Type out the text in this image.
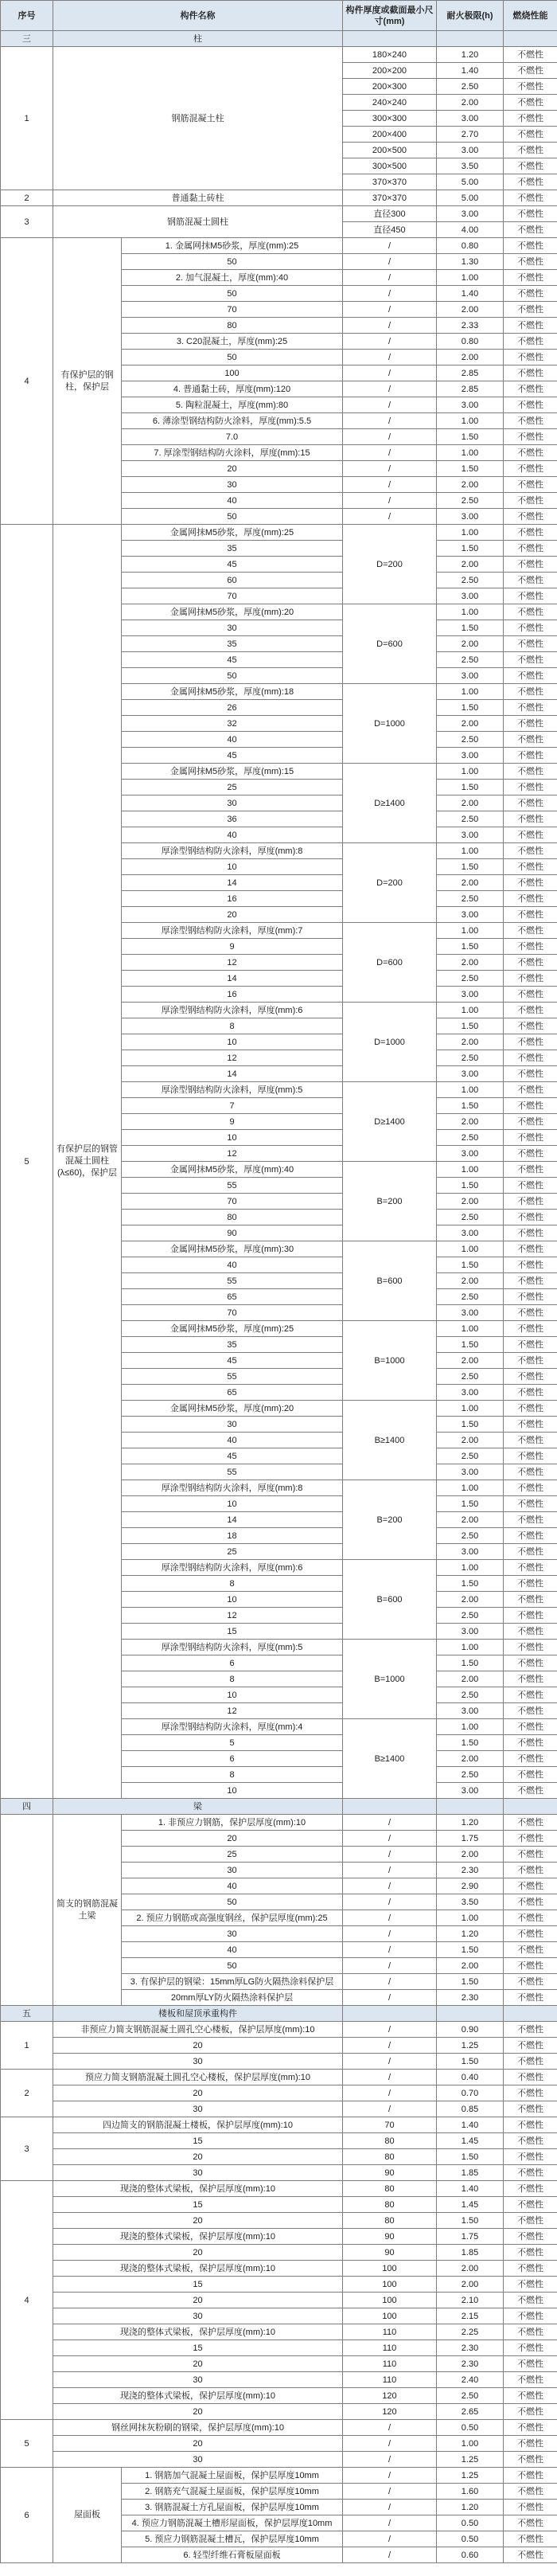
序号	构件名称		构件厚度或截面最小尺寸(mm)	耐火极限(h)	燃烧性能
三	柱				
1	钢筋混凝土柱		180×240	1.20	不燃性
			200×200	1.40	不燃性
			200×300	2.50	不燃性
			240×240	2.00	不燃性
			300×300	3.00	不燃性
			200×400	2.70	不燃性
			200×500	3.00	不燃性
			300×500	3.50	不燃性
			370×370	5.00	不燃性
2	普通黏土砖柱		370×370	5.00	不燃性
3	钢筋混凝土圆柱		直径300	3.00	不燃性
			直径450	4.00	不燃性
4	有保护层的钢柱，保护层	1. 金属网抹M5砂浆，厚度(mm):25	/	0.80	不燃性
		50	/	1.30	不燃性
		2. 加气混凝土，厚度(mm):40	/	1.00	不燃性
		50	/	1.40	不燃性
		70	/	2.00	不燃性
		80	/	2.33	不燃性
		3. C20混凝土，厚度(mm):25	/	0.80	不燃性
		50	/	2.00	不燃性
		100	/	2.85	不燃性
		4. 普通黏土砖，厚度(mm):120	/	2.85	不燃性
		5. 陶粒混凝土，厚度(mm):80	/	3.00	不燃性
		6. 薄涂型钢结构防火涂料，厚度(mm):5.5	/	1.00	不燃性
		7.0	/	1.50	不燃性
		7. 厚涂型钢结构防火涂料，厚度(mm):15	/	1.00	不燃性
		20	/	1.50	不燃性
		30	/	2.00	不燃性
		40	/	2.50	不燃性
		50	/	3.00	不燃性
5	有保护层的钢管混凝土圆柱(λ≤60)，保护层	金属网抹M5砂浆，厚度(mm):25	D=200	1.00	不燃性
		35		1.50	不燃性
		45		2.00	不燃性
		60		2.50	不燃性
		70		3.00	不燃性
		金属网抹M5砂浆，厚度(mm):20	D=600	1.00	不燃性
		30		1.50	不燃性
		35		2.00	不燃性
		45		2.50	不燃性
		50		3.00	不燃性
		金属网抹M5砂浆，厚度(mm):18	D=1000	1.00	不燃性
		26		1.50	不燃性
		32		2.00	不燃性
		40		2.50	不燃性
		45		3.00	不燃性
		金属网抹M5砂浆，厚度(mm):15	D≥1400	1.00	不燃性
		25		1.50	不燃性
		30		2.00	不燃性
		36		2.50	不燃性
		40		3.00	不燃性
		厚涂型钢结构防火涂料，厚度(mm):8	D=200	1.00	不燃性
		10		1.50	不燃性
		14		2.00	不燃性
		16		2.50	不燃性
		20		3.00	不燃性
		厚涂型钢结构防火涂料，厚度(mm):7	D=600	1.00	不燃性
		9		1.50	不燃性
		12		2.00	不燃性
		14		2.50	不燃性
		16		3.00	不燃性
		厚涂型钢结构防火涂料，厚度(mm):6	D=1000	1.00	不燃性
		8		1.50	不燃性
		10		2.00	不燃性
		12		2.50	不燃性
		14		3.00	不燃性
		厚涂型钢结构防火涂料，厚度(mm):5	D≥1400	1.00	不燃性
		7		1.50	不燃性
		9		2.00	不燃性
		10		2.50	不燃性
		12		3.00	不燃性
		金属网抹M5砂浆，厚度(mm):40	B=200	1.00	不燃性
		55		1.50	不燃性
		70		2.00	不燃性
		80		2.50	不燃性
		90		3.00	不燃性
		金属网抹M5砂浆，厚度(mm):30	B=600	1.00	不燃性
		40		1.50	不燃性
		55		2.00	不燃性
		65		2.50	不燃性
		70		3.00	不燃性
		金属网抹M5砂浆，厚度(mm):25	B=1000	1.00	不燃性
		35		1.50	不燃性
		45		2.00	不燃性
		55		2.50	不燃性
		65		3.00	不燃性
		金属网抹M5砂浆，厚度(mm):20	B≥1400	1.00	不燃性
		30		1.50	不燃性
		40		2.00	不燃性
		45		2.50	不燃性
		55		3.00	不燃性
		厚涂型钢结构防火涂料，厚度(mm):8	B=200	1.00	不燃性
		10		1.50	不燃性
		14		2.00	不燃性
		18		2.50	不燃性
		25		3.00	不燃性
		厚涂型钢结构防火涂料，厚度(mm):6	B=600	1.00	不燃性
		8		1.50	不燃性
		10		2.00	不燃性
		12		2.50	不燃性
		15		3.00	不燃性
		厚涂型钢结构防火涂料，厚度(mm):5	B=1000	1.00	不燃性
		6		1.50	不燃性
		8		2.00	不燃性
		10		2.50	不燃性
		12		3.00	不燃性
		厚涂型钢结构防火涂料，厚度(mm):4	B≥1400	1.00	不燃性
		5		1.50	不燃性
		6		2.00	不燃性
		8		2.50	不燃性
		10		3.00	不燃性
四	梁				
	简支的钢筋混凝土梁	1. 非预应力钢筋，保护层厚度(mm):10	/	1.20	不燃性
		20	/	1.75	不燃性
		25	/	2.00	不燃性
		30	/	2.30	不燃性
		40	/	2.90	不燃性
		50	/	3.50	不燃性
		2. 预应力钢筋或高强度钢丝，保护层厚度(mm):25	/	1.00	不燃性
		30	/	1.20	不燃性
		40	/	1.50	不燃性
		50	/	2.00	不燃性
		3. 有保护层的钢梁：15mm厚LG防火隔热涂料保护层	/	1.50	不燃性
		20mm厚LY防火隔热涂料保护层	/	2.30	不燃性
五	楼板和屋顶承重构件				
1	非预应力简支钢筋混凝土圆孔空心楼板，保护层厚度(mm):10		/	0.90	不燃性
	20		/	1.25	不燃性
	30		/	1.50	不燃性
2	预应力简支钢筋混凝土圆孔空心楼板，保护层厚度(mm):10		/	0.40	不燃性
	20		/	0.70	不燃性
	30		/	0.85	不燃性
3	四边简支的钢筋混凝土楼板，保护层厚度(mm):10		70	1.40	不燃性
	15		80	1.45	不燃性
	20		80	1.50	不燃性
	30		90	1.85	不燃性
4	现浇的整体式梁板，保护层厚度(mm):10		80	1.40	不燃性
	15		80	1.45	不燃性
	20		80	1.50	不燃性
	现浇的整体式梁板，保护层厚度(mm):10		90	1.75	不燃性
	20		90	1.85	不燃性
	现浇的整体式梁板，保护层厚度(mm):10		100	2.00	不燃性
	15		100	2.00	不燃性
	20		100	2.10	不燃性
	30		100	2.15	不燃性
	现浇的整体式梁板，保护层厚度(mm):10		110	2.25	不燃性
	15		110	2.30	不燃性
	20		110	2.30	不燃性
	30		110	2.40	不燃性
	现浇的整体式梁板，保护层厚度(mm):10		120	2.50	不燃性
	20		120	2.65	不燃性
5	钢丝网抹灰粉刷的钢梁，保护层厚度(mm):10		/	0.50	不燃性
	20		/	1.00	不燃性
	30		/	1.25	不燃性
6	屋面板	1. 钢筋加气混凝土屋面板，保护层厚度10mm	/	1.25	不燃性
		2. 钢筋充气混凝土屋面板，保护层厚度10mm	/	1.60	不燃性
		3. 钢筋混凝土方孔屋面板，保护层厚度10mm	/	1.20	不燃性
		4. 预应力钢筋混凝土槽形屋面板，保护层厚度10mm	/	0.50	不燃性
		5. 预应力钢筋混凝土槽瓦，保护层厚度10mm	/	0.50	不燃性
		6. 轻型纤维石膏板屋面板	/	0.60	不燃性
